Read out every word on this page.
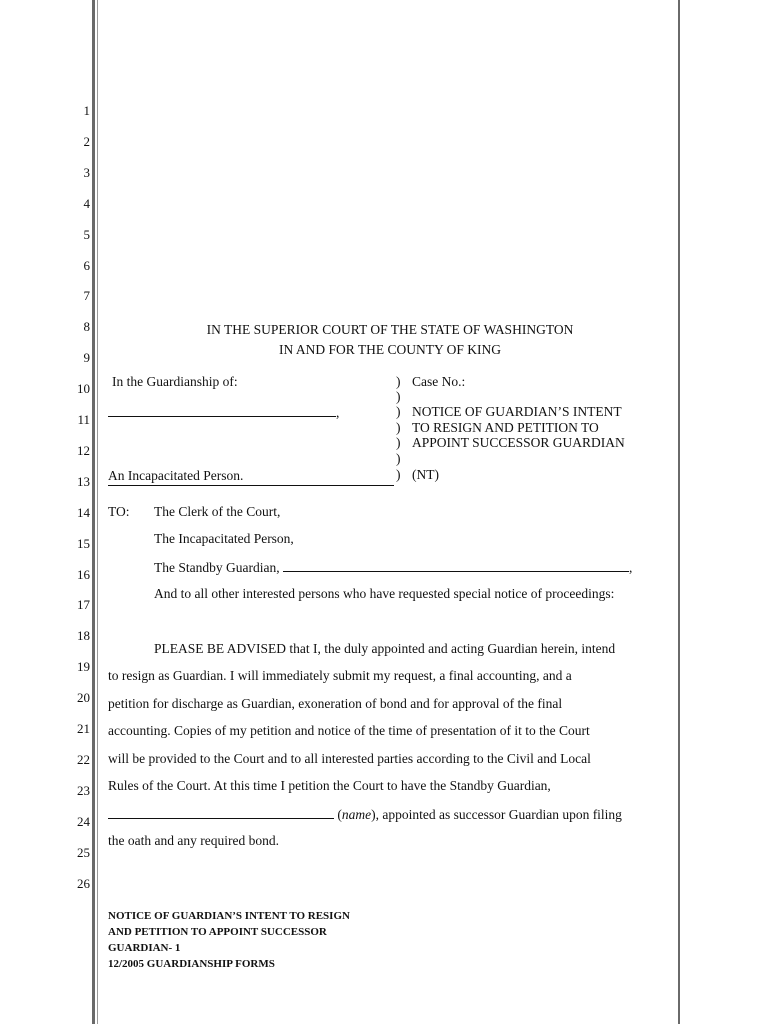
1
2
3
4
5
6
7
8
9
10
11
12
13
14
15
16
17
18
19
20
21
22
23
24
25
26
IN THE SUPERIOR COURT OF THE STATE OF WASHINGTON
IN AND FOR THE COUNTY OF KING
In the Guardianship of:
,
An Incapacitated Person.
)
)
)
)
)
)
)
Case No.:
NOTICE OF GUARDIAN’S INTENT
TO RESIGN AND PETITION TO
APPOINT SUCCESSOR GUARDIAN
(NT)
TO: The Clerk of the Court,
The Incapacitated Person,
The Standby Guardian,	,
And to all other interested persons who have requested special notice of proceedings:
PLEASE BE ADVISED that I, the duly appointed and acting Guardian herein, intend
to resign as Guardian. I will immediately submit my request, a final accounting, and a
petition for discharge as Guardian, exoneration of bond and for approval of the final
accounting. Copies of my petition and notice of the time of presentation of it to the Court
will be provided to the Court and to all interested parties according to the Civil and Local
Rules of the Court. At this time I petition the Court to have the Standby Guardian,
(name), appointed as successor Guardian upon filing
the oath and any required bond.
NOTICE OF GUARDIAN’S INTENT TO RESIGN
AND PETITION TO APPOINT SUCCESSOR
GUARDIAN- 1
12/2005 GUARDIANSHIP FORMS
